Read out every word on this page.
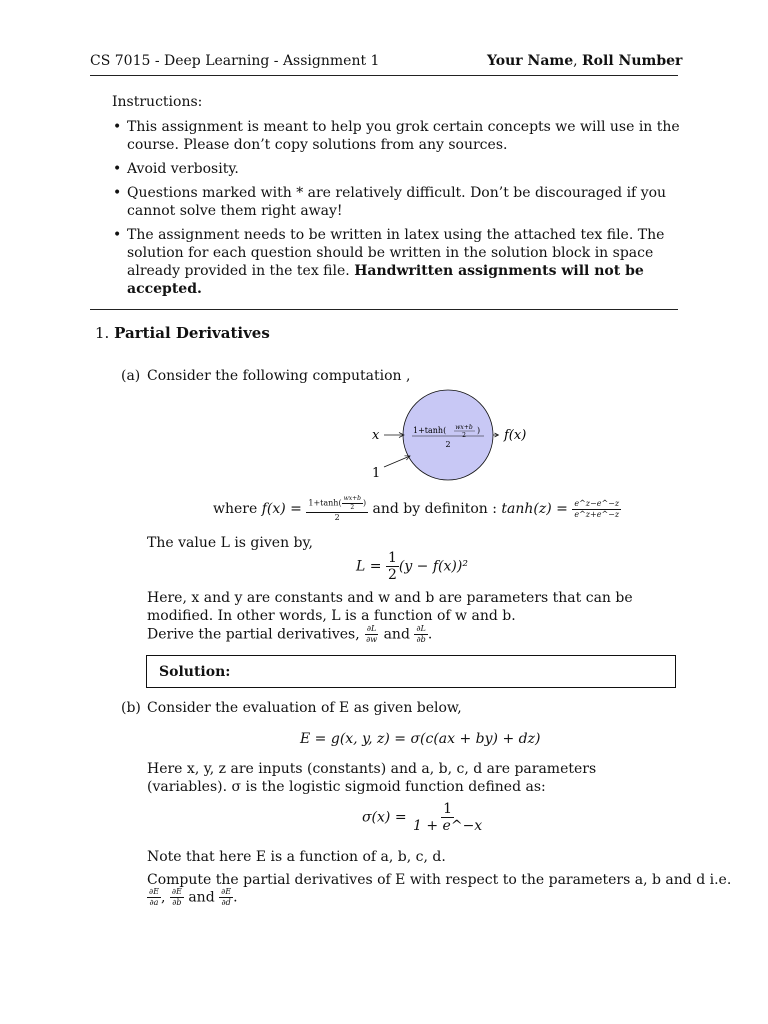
CS 7015 - Deep Learning - Assignment 1	Your Name, Roll Number
Instructions:
• This assignment is meant to help you grok certain concepts we will use in the course. Please don’t copy solutions from any sources.
• Avoid verbosity.
• Questions marked with * are relatively difficult. Don’t be discouraged if you cannot solve them right away!
• The assignment needs to be written in latex using the attached tex file. The solution for each question should be written in the solution block in space already provided in the tex file. Handwritten assignments will not be accepted.
1. Partial Derivatives
(a) Consider the following computation ,
x
1
1+tanh( wx+b
2
)
2
f(x)
where $f(x) = \frac{1+\tanh( \frac{wx+b}{2} )}{2}$ and by definiton : $\tanh(z) = \frac{e\^{}z-e\^{}-z}{e\^{}z+e\^{}-z}$
The value L is given by,
$L = \frac{1}{2} (y - f(x))^2$
Here, x and y are constants and w and b are parameters that can be modified. In other words, L is a function of w and b.
Derive the partial derivatives, $\frac{\partial L}{\partial w}$ and $\frac{\partial L}{\partial b}$ .
Solution:
(b) Consider the evaluation of E as given below,
E = g(x, y, z) = σ(c(ax + by) + dz)
Here x, y, z are inputs (constants) and a, b, c, d are parameters (variables). σ is the logistic sigmoid function defined as:
$\sigma(x) = \frac{1}{1 + e\^{}-x}$
Note that here E is a function of a, b, c, d.
Compute the partial derivatives of E with respect to the parameters a, b and d i.e.
$\frac{\partial E}{\partial a}$ , $\frac{\partial E}{\partial b}$ and $\frac{\partial E}{\partial d}$ .
